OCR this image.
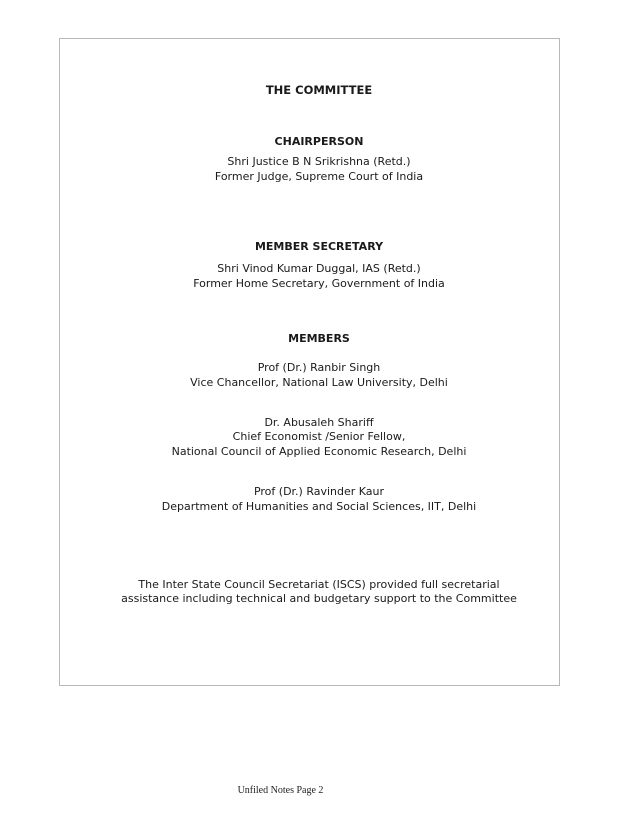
THE COMMITTEE
CHAIRPERSON
Shri Justice B N Srikrishna (Retd.)
Former Judge, Supreme Court of India
MEMBER SECRETARY
Shri Vinod Kumar Duggal, IAS (Retd.)
Former Home Secretary, Government of India
MEMBERS
Prof (Dr.) Ranbir Singh
Vice Chancellor, National Law University, Delhi
Dr. Abusaleh Shariff
Chief Economist /Senior Fellow,
National Council of Applied Economic Research, Delhi
Prof (Dr.) Ravinder Kaur
Department of Humanities and Social Sciences, IIT, Delhi
The Inter State Council Secretariat (ISCS) provided full secretarial
assistance including technical and budgetary support to the Committee
Unfiled Notes Page 2
